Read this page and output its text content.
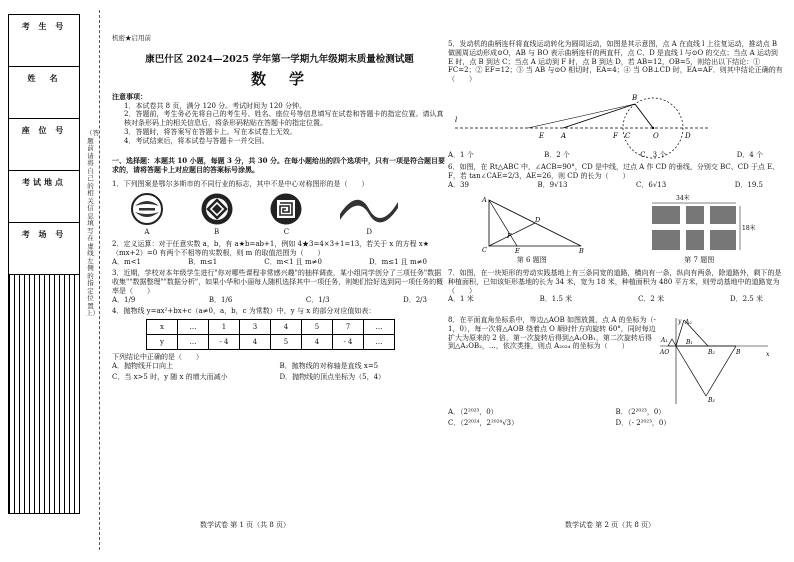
考 生 号
姓　名
座 位 号
考试地点
考 场 号
（答题前请将自己的相关信息填写在虚线左侧的指定位置上）
机密★启用前
康巴什区 2024—2025 学年第一学期九年级期末质量检测试题
数　学
注意事项：

1．本试卷共 8 页，满分 120 分。考试时间为 120 分钟。

2．答题前，考生务必先将自己的考生号、姓名、座位号等信息填写在试卷和答题卡的指定位置。请认真核对条形码上的相关信息后，将条形码粘贴在答题卡的指定位置。

3．答题时，将答案写在答题卡上。写在本试卷上无效。

4．考试结束后，将本试卷与答题卡一并交回。

一、选择题：本题共 10 小题，每题 3 分，共 30 分。在每小题给出的四个选项中，只有一项是符合题目要求的，请将答题卡上对应题目的答案标号涂黑。

1．下列图案是鄂尔多斯市的不同行业的标志，其中不是中心对称图形的是（　　）

A	B	C	D

2．定义运算：对于任意实数 a，b，有 a★b=ab+1，例如 4★3=4×3+1=13，若关于 x 的方程 x★（mx+2）=0 有两个不相等的实数根，则 m 的取值范围为（　　）

A．m<1	B．m≤1	C．m<1 且 m≠0	D．m≤1 且 m≠0

3．近期，学校对本年级学生进行"你对哪些课程非常感兴趣"的抽样调查，某小组同学创分了三项任务"数据收集""数据整理""数据分析"，如果小华和小丽每人随机选择其中一项任务，则她们恰好选到同一项任务的概率是（　　）

A．1/9	B．1/6	C．1/3	D．2/3

4．抛物线 y=ax²+bx+c（a≠0，a，b，c 为常数）中，y 与 x 的部分对应值如表：

x	…	1	3	4	5	7	…
y	…	- 4	4	5	4	- 4	…

下列结论中正确的是（　　）

A．抛物线开口向上	B．抛物线的对称轴是直线 x=5
C．当 x>5 时，y 随 x 的增大而减小	D．抛物线的顶点坐标为（5，4）
数学试卷 第 1 页（共 8 页）

5．发动机的曲柄连杆将直线运动转化为圆周运动，如图是其示意图，点 A 在直线 l 上往复运动，推动点 B 做圆周运动形成⊙O，AB 与 BO 表示曲柄连杆的两直杆，点 C、D 是直线 l 与⊙O 的交点；当点 A 运动到 E 时，点 B 到达 C；当点 A 运动到 F 时，点 B 到达 D，若 AB=12，OB=5，则给出以下结论：① FC=2；② EF=12；③ 当 AB 与⊙O 相切时，EA=4；④ 当 OB⊥CD 时，EA=AF．则其中结论正确的有（　　）

l
E A	F C	O	D
B
A．1 个	B．2 个	C．3 个	D．4 个

6．如图，在 Rt△ABC 中，∠ACB=90°，CD 是中线，过点 A 作 CD 的垂线，分别交 BC、CD 于点 E、F，若 tan∠CAE=2/3，AE=26，则 CD 的长为（　　）

A．39	B．9√13	C．6√13	D．19.5
A
C	B
D
E
F
第 6 题图
34米
18米
第 7 题图

7．如图，在一块矩形的劳动实践基地上有三条同宽的道路，横向有一条，纵向有两条，除道路外，剩下的是种植面积，已知该矩形基地的长为 34 米，宽为 18 米，种植面积为 480 平方米，则劳动基地中的道路宽为（　　）

A．1 米	B．1.5 米	C．2 米	D．2.5 米

8．在平面直角坐标系中，等边△AOB 如图放置，点 A 的坐标为（- 1，0），每一次将△AOB 绕着点 O 顺时针方向旋转 60°，同时每边扩大为原来的 2 倍，第一次旋转后得到△A₁OB₁，第二次旋转后得到△A₂OB₂，…，依次类推，则点 A₂₀₂₄ 的坐标为（　　）

x
y
AO
A₁
A₂
B₁
B₂	B
B₃
A．（2²⁰²³，0）	B．（2²⁰²³，0）
C．（2²⁰²⁴，2²⁰²⁴√3）	D．（- 2²⁰²³，0）
数学试卷 第 2 页（共 8 页）
